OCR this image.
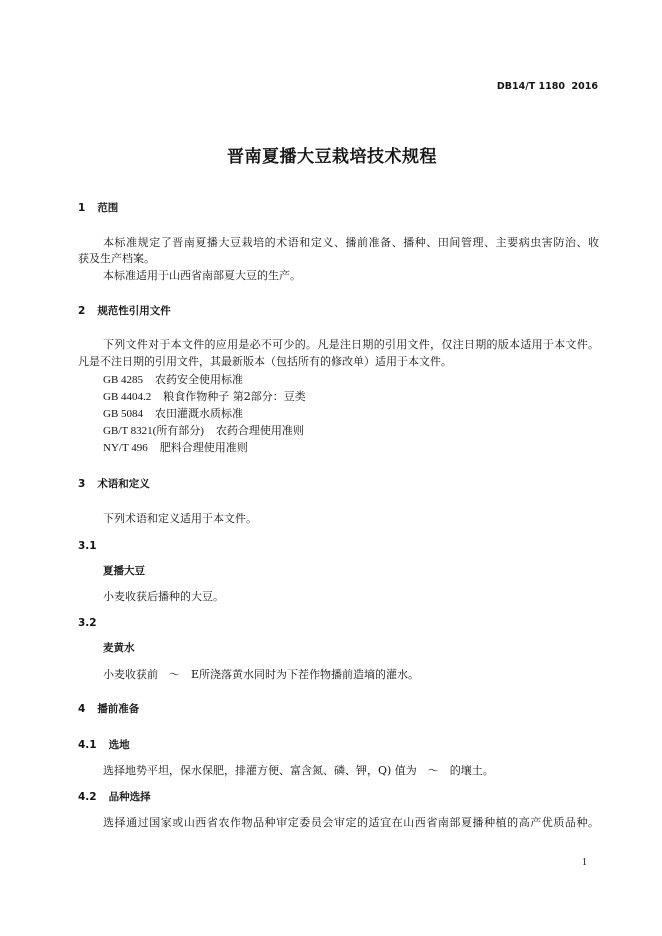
DB14/T 1180  2016
晋南夏播大豆栽培技术规程
1 范围
本标准规定了晋南夏播大豆栽培的术语和定义、播前准备、播种、田间管理、主要病虫害防治、收
获及生产档案。
本标准适用于山西省南部夏大豆的生产。
2 规范性引用文件
下列文件对于本文件的应用是必不可少的。凡是注日期的引用文件，仅注日期的版本适用于本文件。
凡是不注日期的引用文件，其最新版本（包括所有的修改单）适用于本文件。
GB 4285 农药安全使用标准
GB 4404.2 粮食作物种子 第2部分：豆类
GB 5084 农田灌溉水质标准
GB/T 8321(所有部分) 农药合理使用准则
NY/T 496 肥料合理使用准则
3 术语和定义
下列术语和定义适用于本文件。
3.1
夏播大豆
小麦收获后播种的大豆。
3.2
麦黄水
小麦收获前　～　E所浇落黄水同时为下茬作物播前造墒的灌水。
4 播前准备
4.1 选地
选择地势平坦，保水保肥，排灌方便、富含氮、磷、钾，Q) 值为　～　的壤土。
4.2 品种选择
选择通过国家或山西省农作物品种审定委员会审定的适宜在山西省南部夏播种植的高产优质品种。
1
